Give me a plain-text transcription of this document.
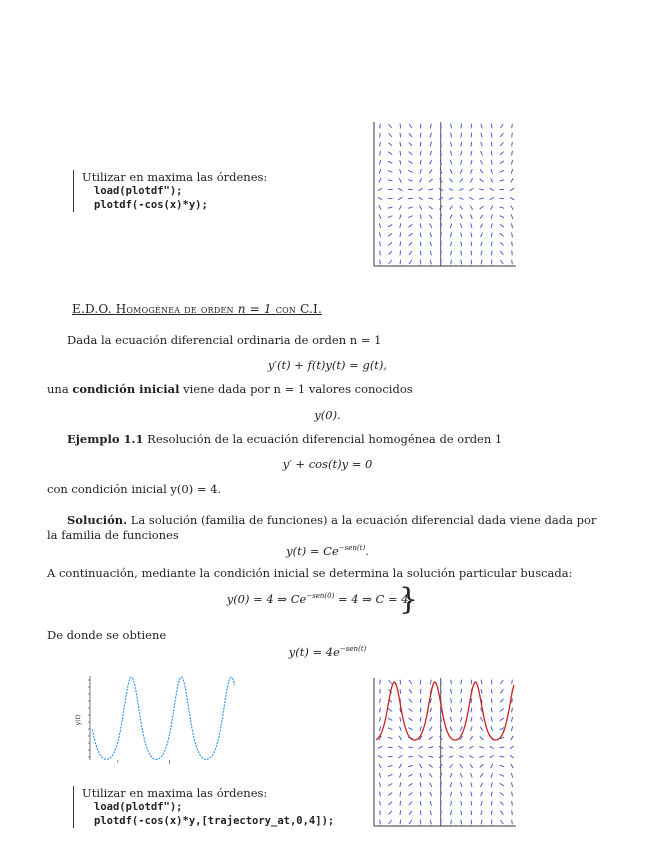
Utilizar en maxima las órdenes:
load(plotdf");
plotdf(-cos(x)*y);
E.D.O. Homogénea de orden n = 1 con C.I.
Dada la ecuación diferencial ordinaria de orden n = 1
y′(t) + f(t)y(t) = g(t),
una condición inicial viene dada por n = 1 valores conocidos
y(0).
Ejemplo 1.1 Resolución de la ecuación diferencial homogénea de orden 1
y′ + cos(t)y = 0
con condición inicial y(0) = 4.
Solución. La solución (familia de funciones) a la ecuación diferencial dada viene dada por
la familia de funciones
$y(t) = Ce^{-sen(t)}$.
A continuación, mediante la condición inicial se determina la solución particular buscada:
y(0) = 4 ⇒ $Ce^{-sen(0)} = 4$ ⇒ C = 4.
}
De donde se obtiene
$y(t) = 4e^{-sen(t)}$
y(t)
Utilizar en maxima las órdenes:
load(plotdf");
plotdf(-cos(x)*y,[trajectory_at,0,4]);
